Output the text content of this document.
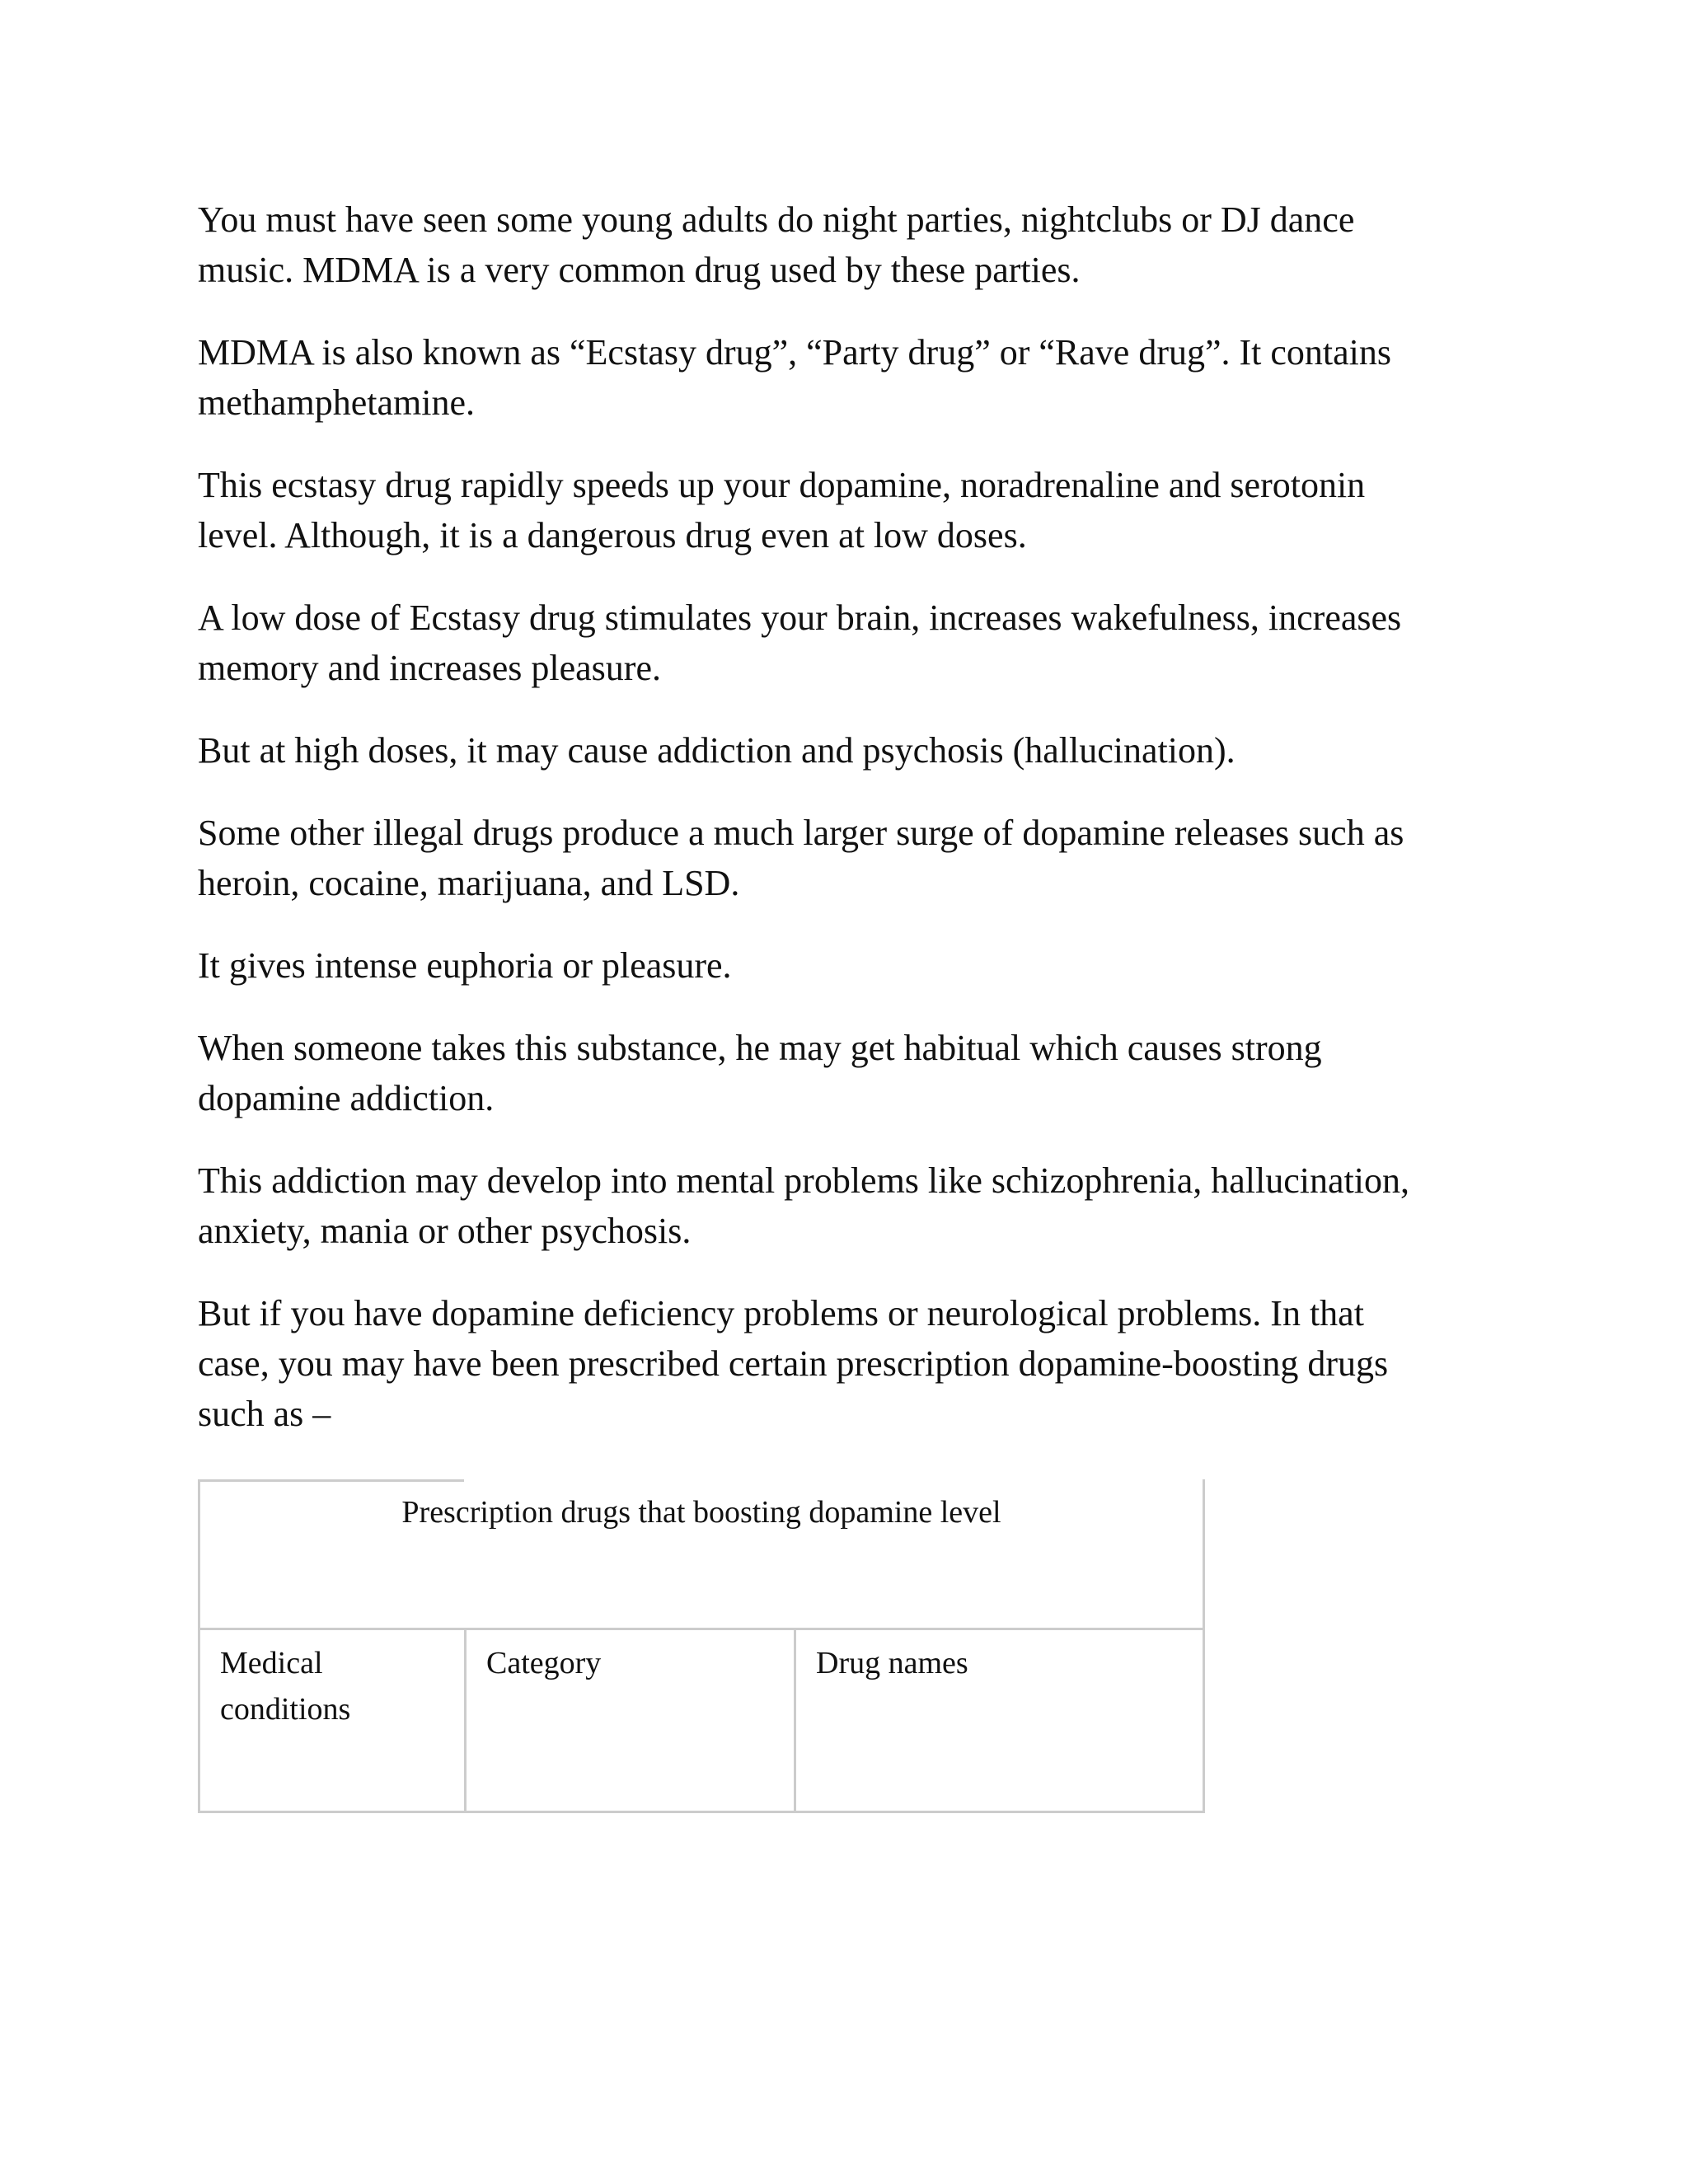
You must have seen some young adults do night parties, nightclubs or DJ dance
music. MDMA is a very common drug used by these parties.

MDMA is also known as “Ecstasy drug”, “Party drug” or “Rave drug”. It contains
methamphetamine.

This ecstasy drug rapidly speeds up your dopamine, noradrenaline and serotonin
level. Although, it is a dangerous drug even at low doses.

A low dose of Ecstasy drug stimulates your brain, increases wakefulness, increases
memory and increases pleasure.

But at high doses, it may cause addiction and psychosis (hallucination).

Some other illegal drugs produce a much larger surge of dopamine releases such as
heroin, cocaine, marijuana, and LSD.

It gives intense euphoria or pleasure.

When someone takes this substance, he may get habitual which causes strong
dopamine addiction.

This addiction may develop into mental problems like schizophrenia, hallucination,
anxiety, mania or other psychosis.

But if you have dopamine deficiency problems or neurological problems. In that
case, you may have been prescribed certain prescription dopamine-boosting drugs
such as –

Prescription drugs that boosting dopamine level
Medical
conditions	Category	Drug names
